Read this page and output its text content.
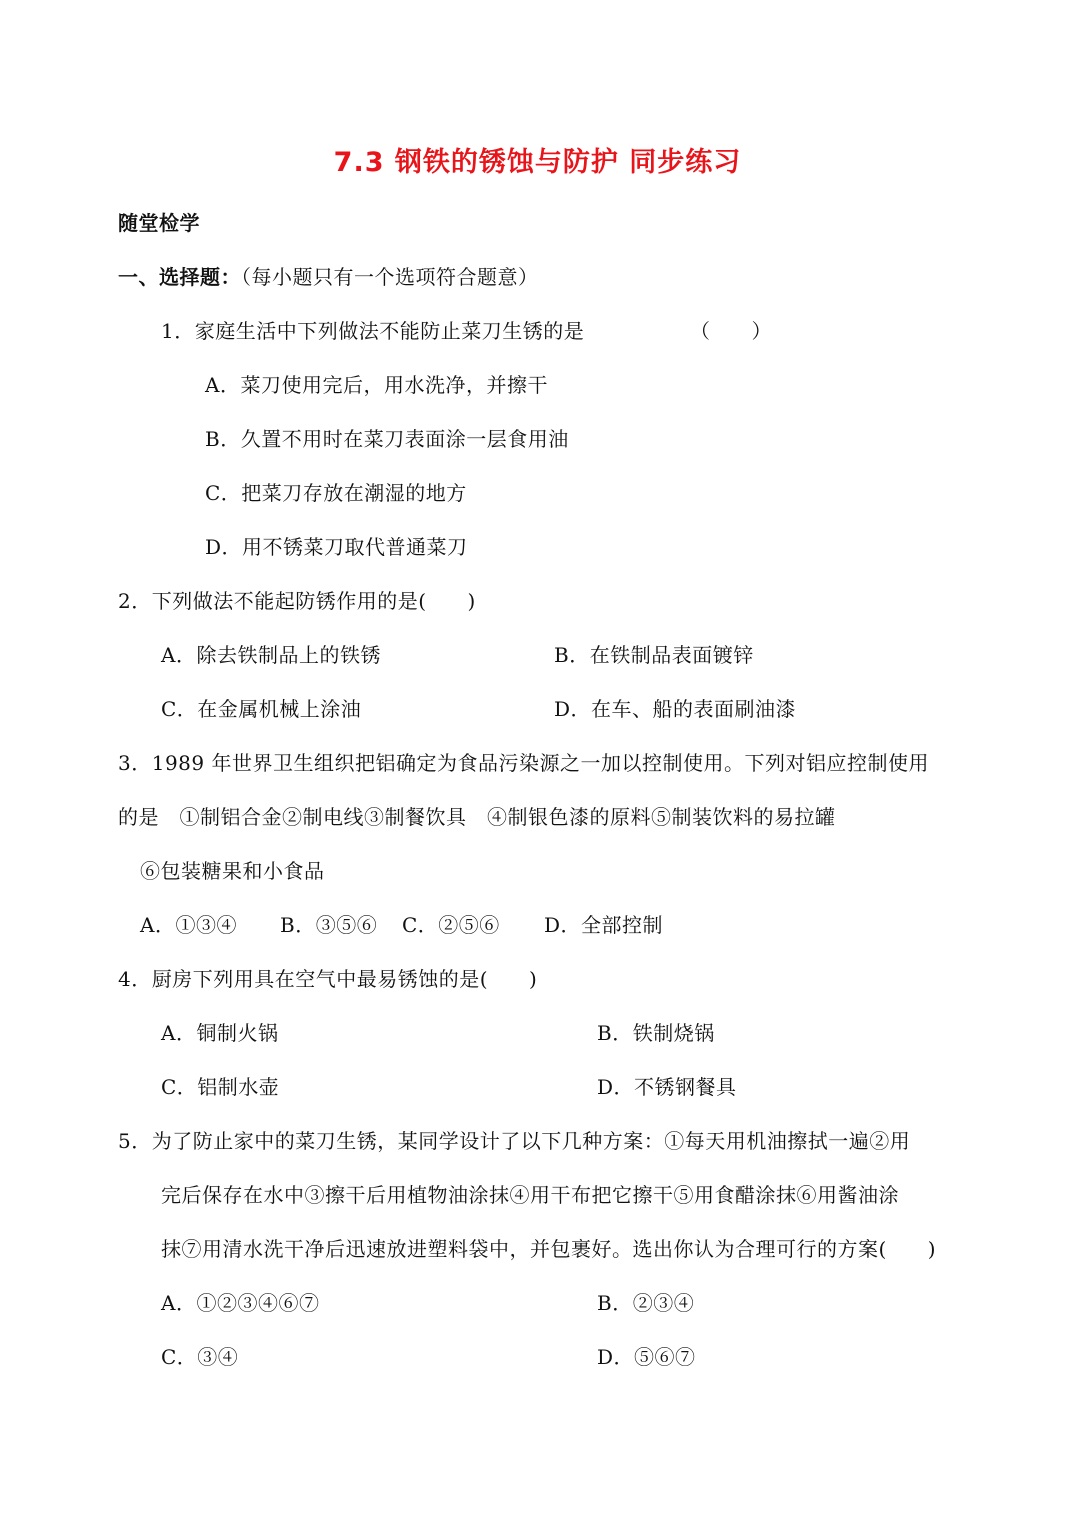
7.3 钢铁的锈蚀与防护 同步练习
随堂检学
一、选择题：（每小题只有一个选项符合题意）
1．家庭生活中下列做法不能防止菜刀生锈的是	（　　）
A．菜刀使用完后，用水洗净，并擦干
B．久置不用时在菜刀表面涂一层食用油
C．把菜刀存放在潮湿的地方
D．用不锈菜刀取代普通菜刀
2．下列做法不能起防锈作用的是(　　)
A．除去铁制品上的铁锈	B．在铁制品表面镀锌
C．在金属机械上涂油	D．在车、船的表面刷油漆
3．1989 年世界卫生组织把铝确定为食品污染源之一加以控制使用。下列对铝应控制使用
的是　①制铝合金②制电线③制餐饮具　④制银色漆的原料⑤制装饮料的易拉罐
⑥包装糖果和小食品
A．①③④ B．③⑤⑥ C．②⑤⑥ D．全部控制
4．厨房下列用具在空气中最易锈蚀的是(　　)
A．铜制火锅	B．铁制烧锅
C．铝制水壶	D．不锈钢餐具
5．为了防止家中的菜刀生锈，某同学设计了以下几种方案：①每天用机油擦拭一遍②用
完后保存在水中③擦干后用植物油涂抹④用干布把它擦干⑤用食醋涂抹⑥用酱油涂
抹⑦用清水洗干净后迅速放进塑料袋中，并包裹好。选出你认为合理可行的方案(　　)
A．①②③④⑥⑦	B．②③④
C．③④	D．⑤⑥⑦
